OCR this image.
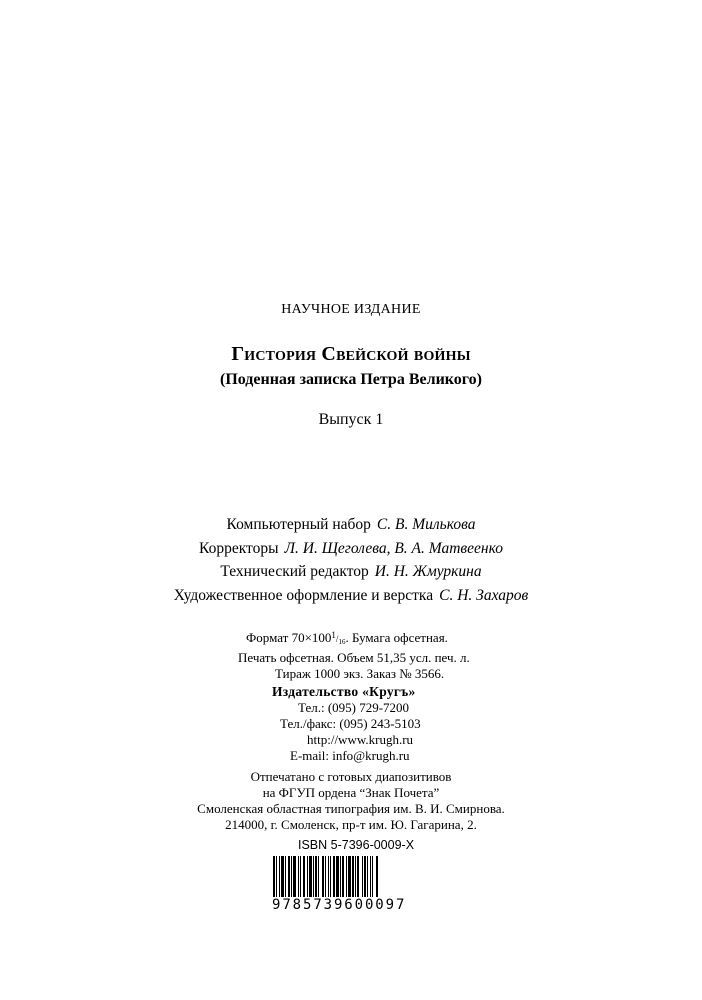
НАУЧНОЕ ИЗДАНИЕ
Гистория Свейской войны
(Поденная записка Петра Великого)
Выпуск 1
Компьютерный набор С. В. Милькова
Корректоры Л. И. Щеголева, В. А. Матвеенко
Технический редактор И. Н. Жмуркина
Художественное оформление и верстка С. Н. Захаров
Формат $70\times 100^1/_{16}$. Бумага офсетная.
Печать офсетная. Объем 51,35 усл. печ. л.
Тираж 1000 экз. Заказ № 3566.
Издательство «Кругъ»
Тел.: (095) 729-7200
Тел./факс: (095) 243-5103
http://www.krugh.ru
E-mail: info@krugh.ru
Отпечатано с готовых диапозитивов
на ФГУП ордена “Знак Почета”
Смоленская областная типография им. В. И. Смирнова.
214000, г. Смоленск, пр-т им. Ю. Гагарина, 2.
ISBN 5-7396-0009-X
9785739600097
